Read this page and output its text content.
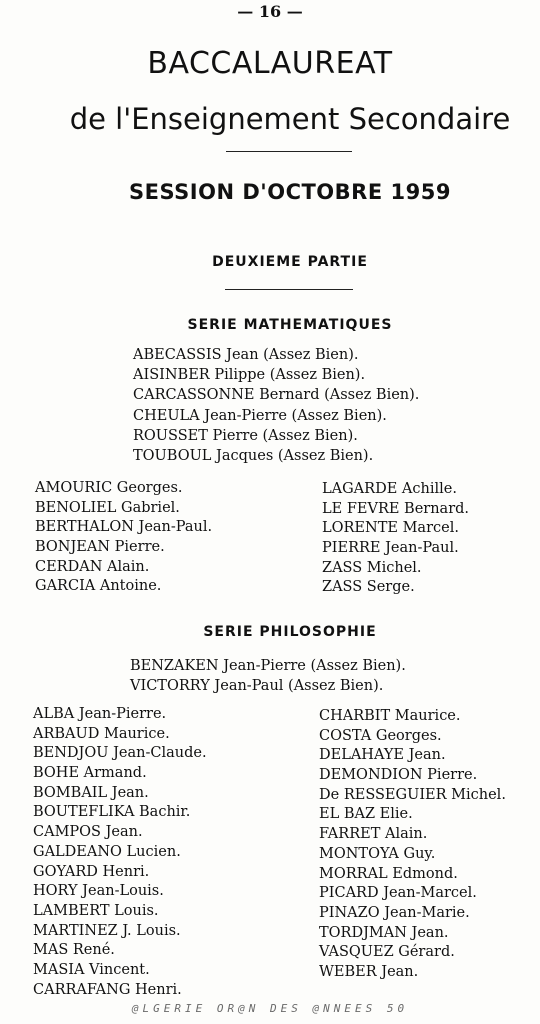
— 16 —
BACCALAUREAT
de l'Enseignement Secondaire
SESSION D'OCTOBRE 1959
DEUXIEME PARTIE
SERIE MATHEMATIQUES
ABECASSIS Jean (Assez Bien).
AISINBER Pilippe (Assez Bien).
CARCASSONNE Bernard (Assez Bien).
CHEULA Jean-Pierre (Assez Bien).
ROUSSET Pierre (Assez Bien).
TOUBOUL Jacques (Assez Bien).
AMOURIC Georges.
BENOLIEL Gabriel.
BERTHALON Jean-Paul.
BONJEAN Pierre.
CERDAN Alain.
GARCIA Antoine.
LAGARDE Achille.
LE FEVRE Bernard.
LORENTE Marcel.
PIERRE Jean-Paul.
ZASS Michel.
ZASS Serge.
SERIE PHILOSOPHIE
BENZAKEN Jean-Pierre (Assez Bien).
VICTORRY Jean-Paul (Assez Bien).
ALBA Jean-Pierre.
ARBAUD Maurice.
BENDJOU Jean-Claude.
BOHE Armand.
BOMBAIL Jean.
BOUTEFLIKA Bachir.
CAMPOS Jean.
GALDEANO Lucien.
GOYARD Henri.
HORY Jean-Louis.
LAMBERT Louis.
MARTINEZ J. Louis.
MAS René.
MASIA Vincent.
CARRAFANG Henri.
CHARBIT Maurice.
COSTA Georges.
DELAHAYE Jean.
DEMONDION Pierre.
De RESSEGUIER Michel.
EL BAZ Elie.
FARRET Alain.
MONTOYA Guy.
MORRAL Edmond.
PICARD Jean-Marcel.
PINAZO Jean-Marie.
TORDJMAN Jean.
VASQUEZ Gérard.
WEBER Jean.
@LGERIE OR@N DES @NNEES 50
